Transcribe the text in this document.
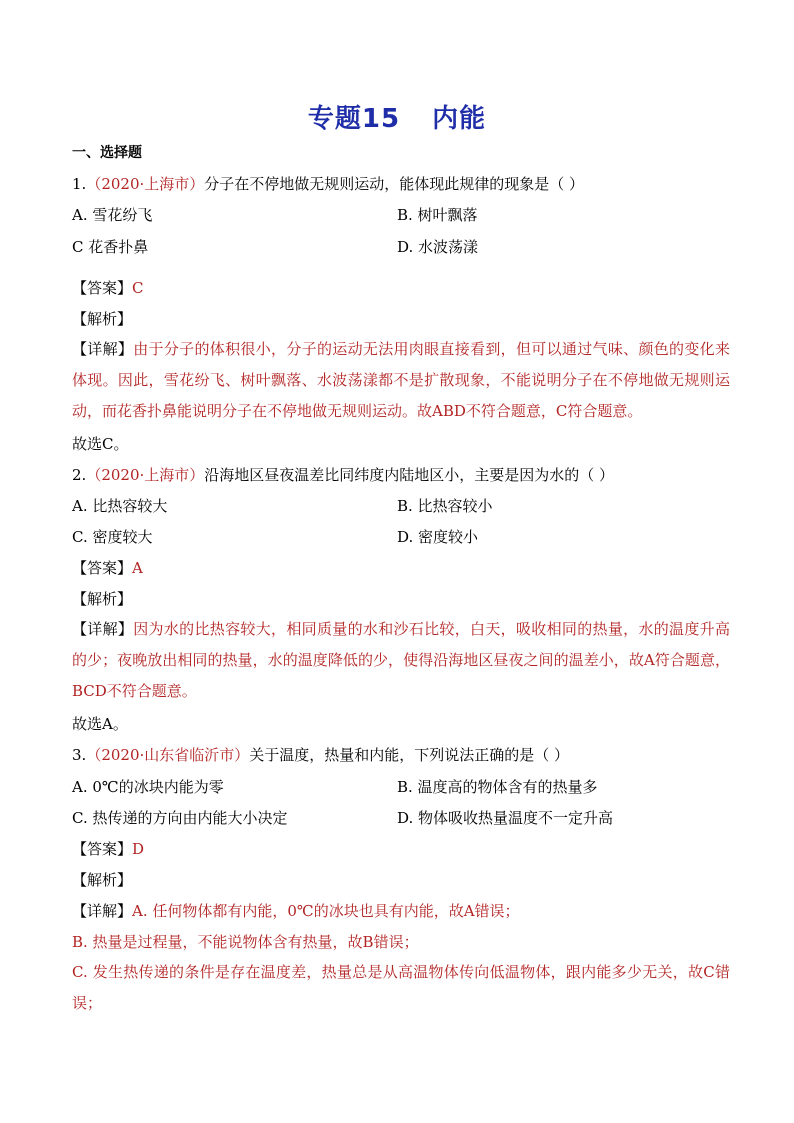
专题15 内能
一、选择题
1.（2020·上海市）分子在不停地做无规则运动，能体现此规律的现象是（ ）
A. 雪花纷飞	B. 树叶飘落
C 花香扑鼻	D. 水波荡漾
【答案】C
【解析】
【详解】由于分子的体积很小，分子的运动无法用肉眼直接看到，但可以通过气味、颜色的变化来体现。因此，雪花纷飞、树叶飘落、水波荡漾都不是扩散现象，不能说明分子在不停地做无规则运动，而花香扑鼻能说明分子在不停地做无规则运动。故ABD不符合题意，C符合题意。
故选C。
2.（2020·上海市）沿海地区昼夜温差比同纬度内陆地区小，主要是因为水的（ ）
A. 比热容较大	B. 比热容较小
C. 密度较大	D. 密度较小
【答案】A
【解析】
【详解】因为水的比热容较大，相同质量的水和沙石比较，白天，吸收相同的热量，水的温度升高的少；夜晚放出相同的热量，水的温度降低的少，使得沿海地区昼夜之间的温差小，故A符合题意，BCD不符合题意。
故选A。
3.（2020·山东省临沂市）关于温度，热量和内能，下列说法正确的是（ ）
A. 0℃的冰块内能为零	B. 温度高的物体含有的热量多
C. 热传递的方向由内能大小决定	D. 物体吸收热量温度不一定升高
【答案】D
【解析】
【详解】A. 任何物体都有内能，0℃的冰块也具有内能，故A错误；
B. 热量是过程量，不能说物体含有热量，故B错误；
C. 发生热传递的条件是存在温度差，热量总是从高温物体传向低温物体，跟内能多少无关，故C错误；
